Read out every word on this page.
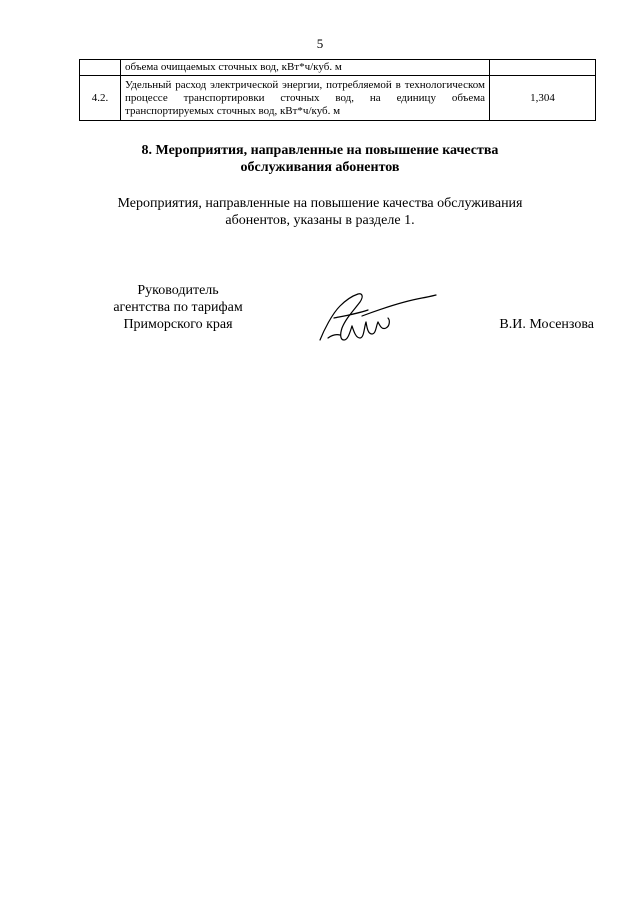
5
	объема очищаемых сточных вод, кВт*ч/куб. м	
4.2.	Удельный расход электрической энергии, потребляемой в технологическом процессе транспортировки сточных вод, на единицу объема транспортируемых сточных вод, кВт*ч/куб. м	1,304
8. Мероприятия, направленные на повышение качества
обслуживания абонентов
Мероприятия, направленные на повышение качества обслуживания
абонентов, указаны в разделе 1.
Руководитель
агентства по тарифам
Приморского края	В.И. Мосензова
